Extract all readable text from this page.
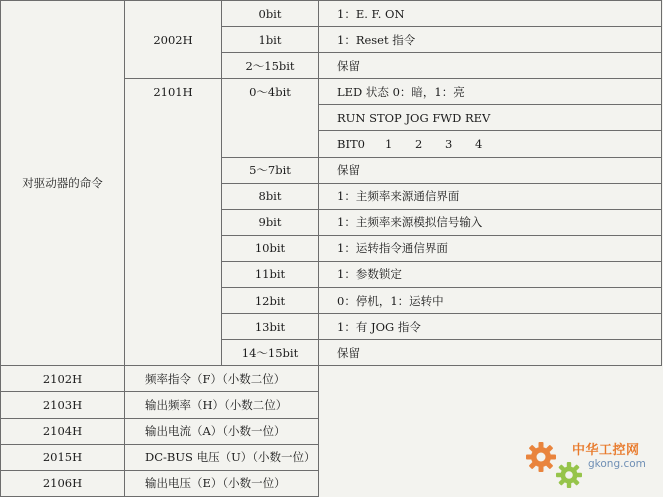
对驱动器的命令	2002H	0bit	1：E. F. ON
		1bit	1：Reset 指令
		2～15bit	保留
	2101H	0～4bit	LED 状态 0：暗，1：亮
			RUN STOP JOG FWD REV
			BIT0 1 2 3 4
		5～7bit	保留
		8bit	1：主频率来源通信界面
		9bit	1：主频率来源模拟信号输入
		10bit	1：运转指令通信界面
		11bit	1：参数锁定
		12bit	0：停机，1：运转中
		13bit	1：有 JOG 指令
		14～15bit	保留
2102H	频率指令（F）（小数二位）		
2103H	输出频率（H）（小数二位）		
2104H	输出电流（A）（小数一位）		
2015H	DC-BUS 电压（U）（小数一位）		
2106H	输出电压（E）（小数一位）		
中华工控网
gkong.com
